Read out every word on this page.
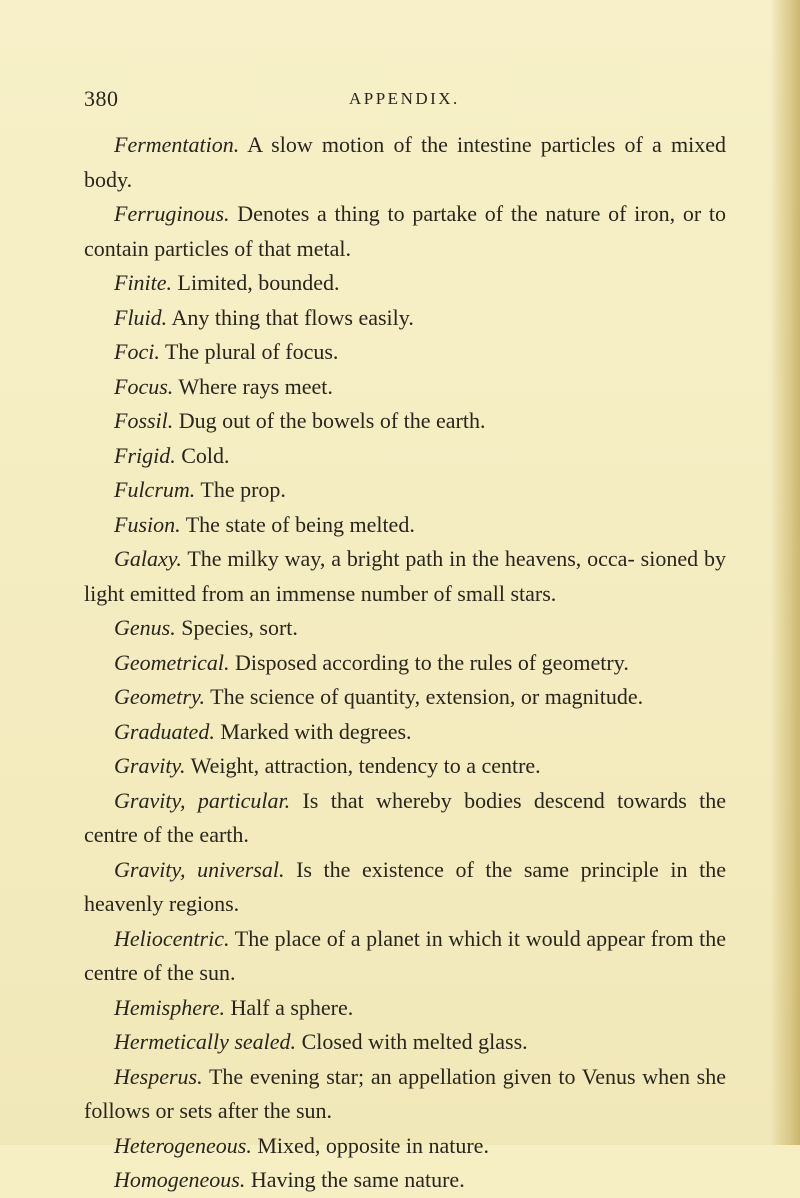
380	APPENDIX.

Fermentation. A slow motion of the intestine particles of a mixed body.

Ferruginous. Denotes a thing to partake of the nature of iron, or to contain particles of that metal.

Finite. Limited, bounded.

Fluid. Any thing that flows easily.

Foci. The plural of focus.

Focus. Where rays meet.

Fossil. Dug out of the bowels of the earth.

Frigid. Cold.

Fulcrum. The prop.

Fusion. The state of being melted.

Galaxy. The milky way, a bright path in the heavens, occa- sioned by light emitted from an immense number of small stars.

Genus. Species, sort.

Geometrical. Disposed according to the rules of geometry.

Geometry. The science of quantity, extension, or magnitude.

Graduated. Marked with degrees.

Gravity. Weight, attraction, tendency to a centre.

Gravity, particular. Is that whereby bodies descend towards the centre of the earth.

Gravity, universal. Is the existence of the same principle in the heavenly regions.

Heliocentric. The place of a planet in which it would appear from the centre of the sun.

Hemisphere. Half a sphere.

Hermetically sealed. Closed with melted glass.

Hesperus. The evening star; an appellation given to Venus when she follows or sets after the sun.

Heterogeneous. Mixed, opposite in nature.

Homogeneous. Having the same nature.
